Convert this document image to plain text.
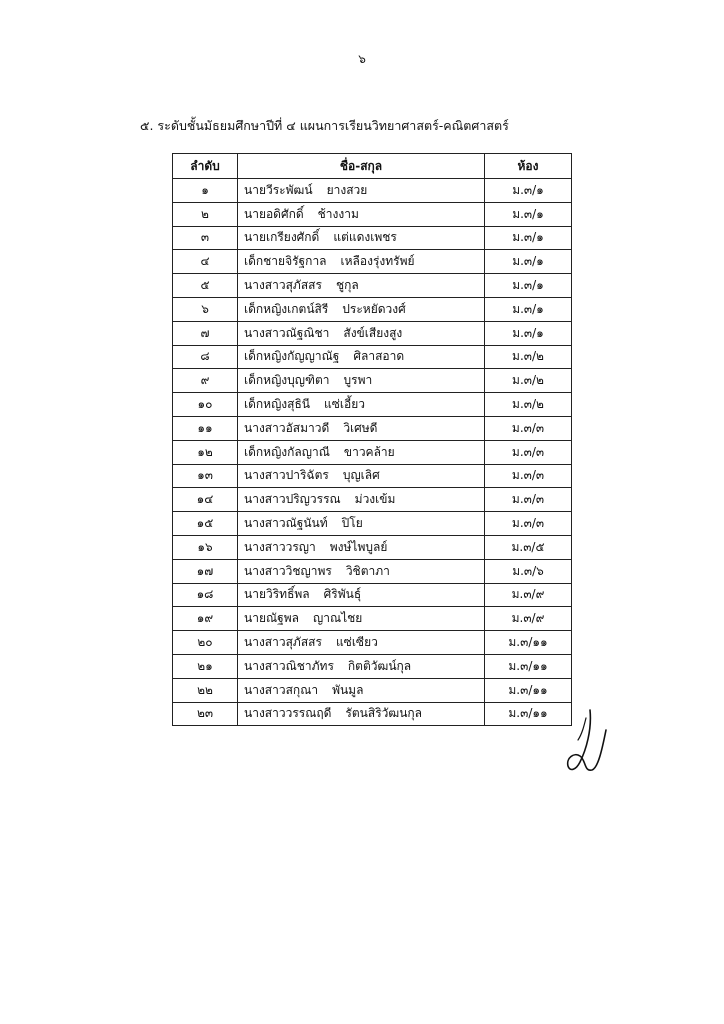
๖
๕. ระดับชั้นมัธยมศึกษาปีที่ ๔ แผนการเรียนวิทยาศาสตร์-คณิตศาสตร์
ลำดับ	ชื่อ-สกุล	ห้อง
๑	นายวีระพัฒน์ ยางสวย	ม.๓/๑
๒	นายอดิศักดิ์ ช้างงาม	ม.๓/๑
๓	นายเกรียงศักดิ์ แต่แดงเพชร	ม.๓/๑
๔	เด็กชายจิรัฐกาล เหลืองรุ่งทรัพย์	ม.๓/๑
๕	นางสาวสุภัสสร ชูกุล	ม.๓/๑
๖	เด็กหญิงเกตน์สิรี ประหยัดวงศ์	ม.๓/๑
๗	นางสาวณัฐณิชา สังข์เสียงสูง	ม.๓/๑
๘	เด็กหญิงกัญญาณัฐ ศิลาสอาด	ม.๓/๒
๙	เด็กหญิงบุญฑิตา บูรพา	ม.๓/๒
๑๐	เด็กหญิงสุธินี แซ่เอี้ยว	ม.๓/๒
๑๑	นางสาวอัสมาวดี วิเศษดี	ม.๓/๓
๑๒	เด็กหญิงกัลญาณี ขาวคล้าย	ม.๓/๓
๑๓	นางสาวปาริฉัตร บุญเลิศ	ม.๓/๓
๑๔	นางสาวปริญวรรณ ม่วงเข้ม	ม.๓/๓
๑๕	นางสาวณัฐนันท์ ปิโย	ม.๓/๓
๑๖	นางสาววรญา พงษ์ไพบูลย์	ม.๓/๕
๑๗	นางสาววิชญาพร วิชิตาภา	ม.๓/๖
๑๘	นายวิริทธิ์พล ศิริพันธุ์	ม.๓/๙
๑๙	นายณัฐพล ญาณไชย	ม.๓/๙
๒๐	นางสาวสุภัสสร แซ่เซียว	ม.๓/๑๑
๒๑	นางสาวณิชาภัทร กิตติวัฒน์กุล	ม.๓/๑๑
๒๒	นางสาวสกุณา พันมูล	ม.๓/๑๑
๒๓	นางสาววรรณฤดี รัตนสิริวัฒนกุล	ม.๓/๑๑
